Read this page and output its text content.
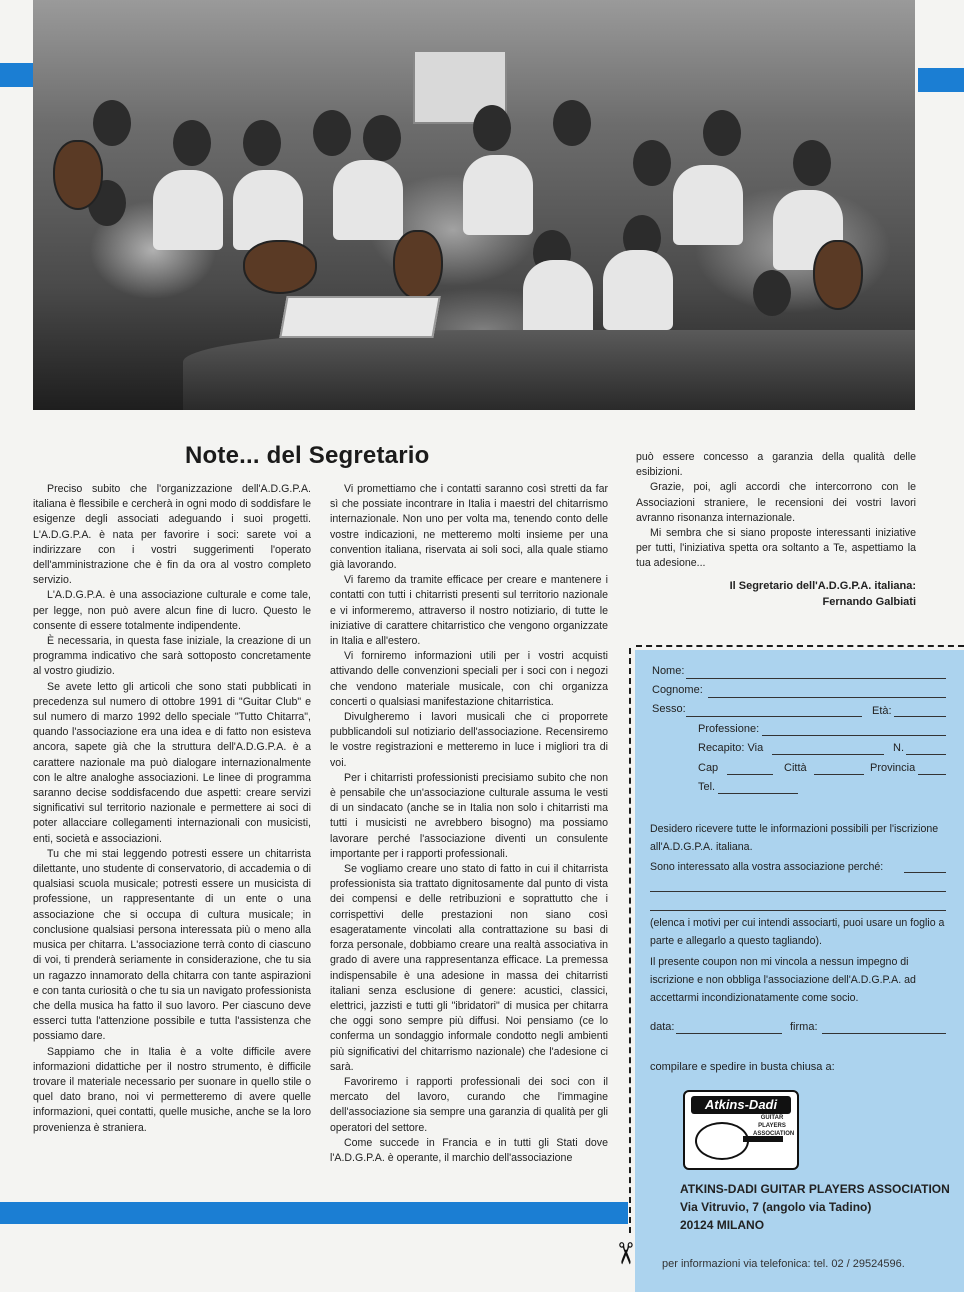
Note... del Segretario

Preciso subito che l'organizzazione dell'A.D.G.P.A. italiana è flessibile e cercherà in ogni modo di soddisfare le esigenze degli associati adeguando i suoi progetti. L'A.D.G.P.A. è nata per favorire i soci: sarete voi a indirizzare con i vostri suggerimenti l'operato dell'amministrazione che è fin da ora al vostro completo servizio.

L'A.D.G.P.A. è una associazione culturale e come tale, per legge, non può avere alcun fine di lucro. Questo le consente di essere totalmente indipendente.

È necessaria, in questa fase iniziale, la creazione di un programma indicativo che sarà sottoposto concretamente al vostro giudizio.

Se avete letto gli articoli che sono stati pubblicati in precedenza sul numero di ottobre 1991 di "Guitar Club" e sul numero di marzo 1992 dello speciale "Tutto Chitarra", quando l'associazione era una idea e di fatto non esisteva ancora, sapete già che la struttura dell'A.D.G.P.A. è a carattere nazionale ma può dialogare internazionalmente con le altre analoghe associazioni. Le linee di programma saranno decise soddisfacendo due aspetti: creare servizi significativi sul territorio nazionale e permettere ai soci di poter allacciare collegamenti internazionali con musicisti, enti, società e associazioni.

Tu che mi stai leggendo potresti essere un chitarrista dilettante, uno studente di conservatorio, di accademia o di qualsiasi scuola musicale; potresti essere un musicista di professione, un rappresentante di un ente o una associazione che si occupa di cultura musicale; in conclusione qualsiasi persona interessata più o meno alla musica per chitarra. L'associazione terrà conto di ciascuno di voi, ti prenderà seriamente in considerazione, che tu sia un ragazzo innamorato della chitarra con tante aspirazioni e con tanta curiosità o che tu sia un navigato professionista che della musica ha fatto il suo lavoro. Per ciascuno deve esserci tutta l'attenzione possibile e tutta l'assistenza che possiamo dare.

Sappiamo che in Italia è a volte difficile avere informazioni didattiche per il nostro strumento, è difficile trovare il materiale necessario per suonare in quello stile o quel dato brano, noi vi permetteremo di avere quelle informazioni, quei contatti, quelle musiche, anche se la loro provenienza è straniera.

Vi promettiamo che i contatti saranno così stretti da far sì che possiate incontrare in Italia i maestri del chitarrismo internazionale. Non uno per volta ma, tenendo conto delle vostre indicazioni, ne metteremo molti insieme per una convention italiana, riservata ai soli soci, alla quale stiamo già lavorando.

Vi faremo da tramite efficace per creare e mantenere i contatti con tutti i chitarristi presenti sul territorio nazionale e vi informeremo, attraverso il nostro notiziario, di tutte le iniziative di carattere chitarristico che vengono organizzate in Italia e all'estero.

Vi forniremo informazioni utili per i vostri acquisti attivando delle convenzioni speciali per i soci con i negozi che vendono materiale musicale, con chi organizza concerti o qualsiasi manifestazione chitarristica.

Divulgheremo i lavori musicali che ci proporrete pubblicandoli sul notiziario dell'associazione. Recensiremo le vostre registrazioni e metteremo in luce i migliori tra di voi.

Per i chitarristi professionisti precisiamo subito che non è pensabile che un'associazione culturale assuma le vesti di un sindacato (anche se in Italia non solo i chitarristi ma tutti i musicisti ne avrebbero bisogno) ma possiamo lavorare perché l'associazione diventi un consulente importante per i rapporti professionali.

Se vogliamo creare uno stato di fatto in cui il chitarrista professionista sia trattato dignitosamente dal punto di vista dei compensi e delle retribuzioni e soprattutto che i corrispettivi delle prestazioni non siano così esageratamente vincolati alla contrattazione su basi di forza personale, dobbiamo creare una realtà associativa in grado di avere una rappresentanza efficace. La premessa indispensabile è una adesione in massa dei chitarristi italiani senza esclusione di genere: acustici, classici, elettrici, jazzisti e tutti gli "ibridatori" di musica per chitarra che oggi sono sempre più diffusi. Noi pensiamo (ce lo conferma un sondaggio informale condotto negli ambienti più significativi del chitarrismo nazionale) che l'adesione ci sarà.

Favoriremo i rapporti professionali dei soci con il mercato del lavoro, curando che l'immagine dell'associazione sia sempre una garanzia di qualità per gli operatori del settore.

Come succede in Francia e in tutti gli Stati dove l'A.D.G.P.A. è operante, il marchio dell'associazione

può essere concesso a garanzia della qualità delle esibizioni.

Grazie, poi, agli accordi che intercorrono con le Associazioni straniere, le recensioni dei vostri lavori avranno risonanza internazionale.

Mi sembra che si siano proposte interessanti iniziative per tutti, l'iniziativa spetta ora soltanto a Te, aspettiamo la tua adesione...

Il Segretario dell'A.D.G.P.A. italiana:
Fernando Galbiati
Nome:
Cognome:
Sesso:	Età:
Professione:
Recapito: Via	N.
Cap	Città	Provincia
Tel.
Desidero ricevere tutte le informazioni possibili per l'iscrizione all'A.D.G.P.A. italiana.
Sono interessato alla vostra associazione perché:
(elenca i motivi per cui intendi associarti, puoi usare un foglio a parte e allegarlo a questo tagliando).
Il presente coupon non mi vincola a nessun impegno di iscrizione e non obbliga l'associazione dell'A.D.G.P.A. ad accettarmi incondizionatamente come socio.
data:	firma:
compilare e spedire in busta chiusa a:
Atkins-Dadi
GUITAR PLAYERS
ASSOCIATION
ATKINS-DADI GUITAR PLAYERS ASSOCIATION
Via Vitruvio, 7 (angolo via Tadino)
20124 MILANO
✂ per informazioni via telefonica: tel. 02 / 29524596.
